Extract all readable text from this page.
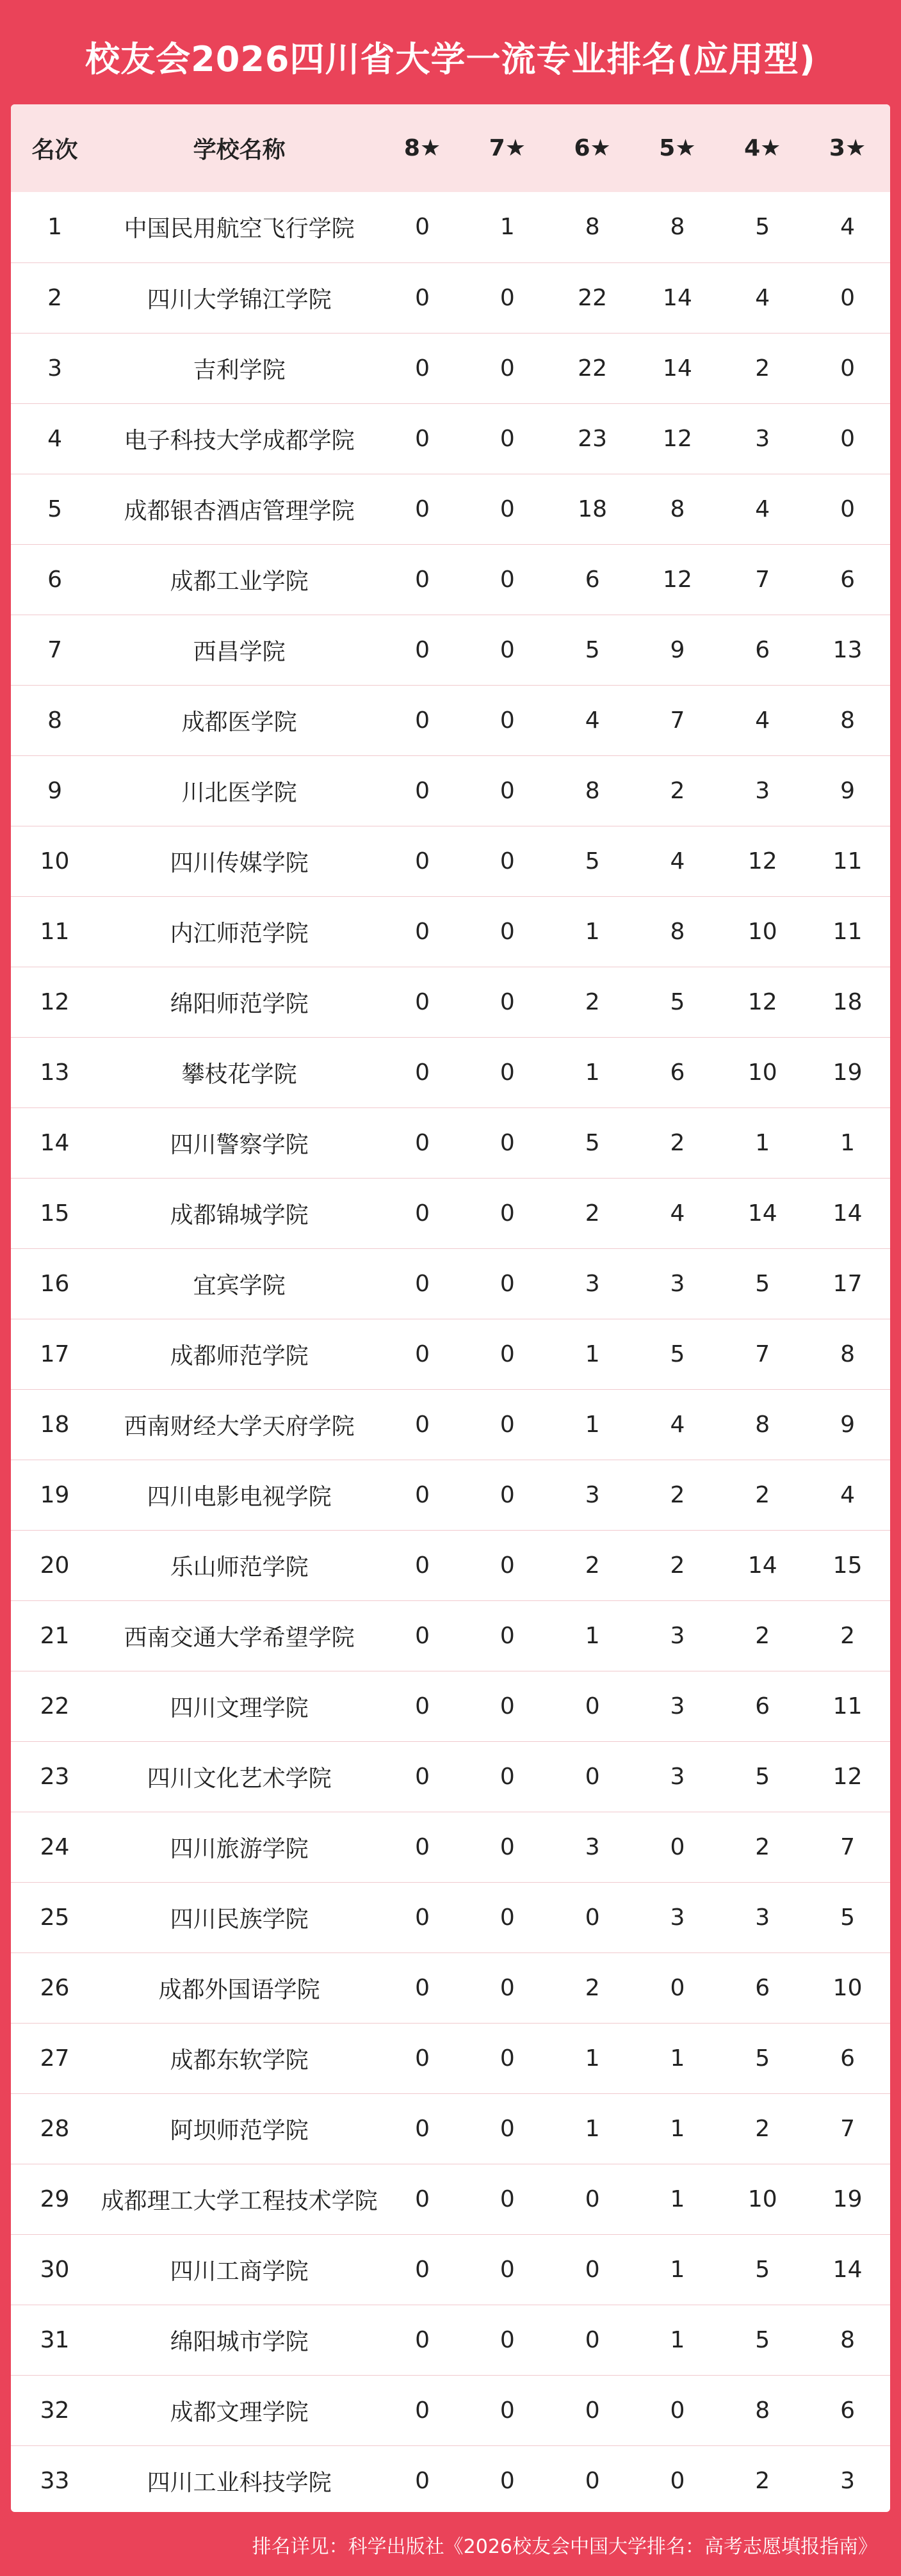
校友会2026四川省大学一流专业排名(应用型)
名次	学校名称	8★	7★	6★	5★	4★	3★
1	中国民用航空飞行学院	0	1	8	8	5	4
2	四川大学锦江学院	0	0	22	14	4	0
3	吉利学院	0	0	22	14	2	0
4	电子科技大学成都学院	0	0	23	12	3	0
5	成都银杏酒店管理学院	0	0	18	8	4	0
6	成都工业学院	0	0	6	12	7	6
7	西昌学院	0	0	5	9	6	13
8	成都医学院	0	0	4	7	4	8
9	川北医学院	0	0	8	2	3	9
10	四川传媒学院	0	0	5	4	12	11
11	内江师范学院	0	0	1	8	10	11
12	绵阳师范学院	0	0	2	5	12	18
13	攀枝花学院	0	0	1	6	10	19
14	四川警察学院	0	0	5	2	1	1
15	成都锦城学院	0	0	2	4	14	14
16	宜宾学院	0	0	3	3	5	17
17	成都师范学院	0	0	1	5	7	8
18	西南财经大学天府学院	0	0	1	4	8	9
19	四川电影电视学院	0	0	3	2	2	4
20	乐山师范学院	0	0	2	2	14	15
21	西南交通大学希望学院	0	0	1	3	2	2
22	四川文理学院	0	0	0	3	6	11
23	四川文化艺术学院	0	0	0	3	5	12
24	四川旅游学院	0	0	3	0	2	7
25	四川民族学院	0	0	0	3	3	5
26	成都外国语学院	0	0	2	0	6	10
27	成都东软学院	0	0	1	1	5	6
28	阿坝师范学院	0	0	1	1	2	7
29	成都理工大学工程技术学院	0	0	0	1	10	19
30	四川工商学院	0	0	0	1	5	14
31	绵阳城市学院	0	0	0	1	5	8
32	成都文理学院	0	0	0	0	8	6
33	四川工业科技学院	0	0	0	0	2	3
排名详见：科学出版社《2026校友会中国大学排名：高考志愿填报指南》
